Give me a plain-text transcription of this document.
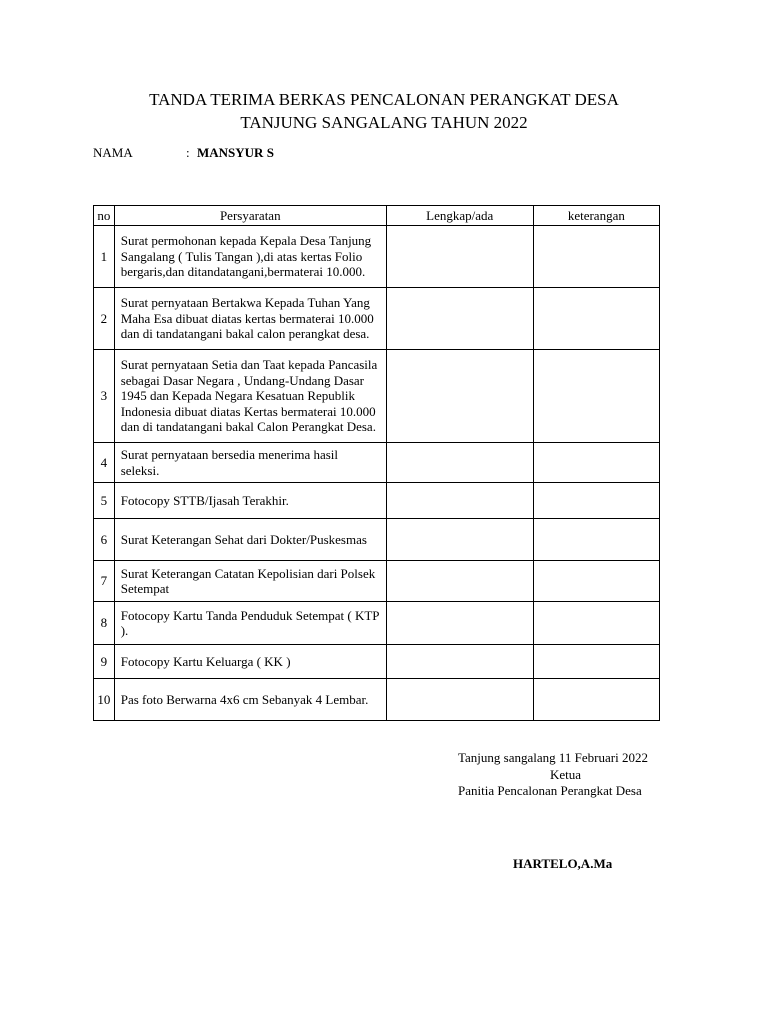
TANDA TERIMA BERKAS PENCALONAN PERANGKAT DESA
TANJUNG SANGALANG TAHUN 2022
NAMA	: MANSYUR S
no	Persyaratan	Lengkap/ada	keterangan
1	Surat permohonan kepada Kepala Desa Tanjung Sangalang ( Tulis Tangan ),di atas kertas Folio bergaris,dan ditandatangani,bermaterai 10.000.		
2	Surat pernyataan Bertakwa Kepada Tuhan Yang Maha Esa dibuat diatas kertas bermaterai 10.000 dan di tandatangani bakal calon perangkat desa.		
3	Surat pernyataan Setia dan Taat kepada Pancasila sebagai Dasar Negara , Undang-Undang Dasar 1945 dan Kepada Negara Kesatuan Republik Indonesia dibuat diatas Kertas bermaterai 10.000 dan di tandatangani bakal Calon Perangkat Desa.		
4	Surat pernyataan bersedia menerima hasil seleksi.		
5	Fotocopy STTB/Ijasah Terakhir.		
6	Surat Keterangan Sehat dari Dokter/Puskesmas		
7	Surat Keterangan Catatan Kepolisian dari Polsek Setempat		
8	Fotocopy Kartu Tanda Penduduk Setempat ( KTP ).		
9	Fotocopy Kartu Keluarga ( KK )		
10	Pas foto Berwarna 4x6 cm Sebanyak 4 Lembar.		
Tanjung sangalang 11 Februari 2022
Ketua
Panitia Pencalonan Perangkat Desa
HARTELO,A.Ma
